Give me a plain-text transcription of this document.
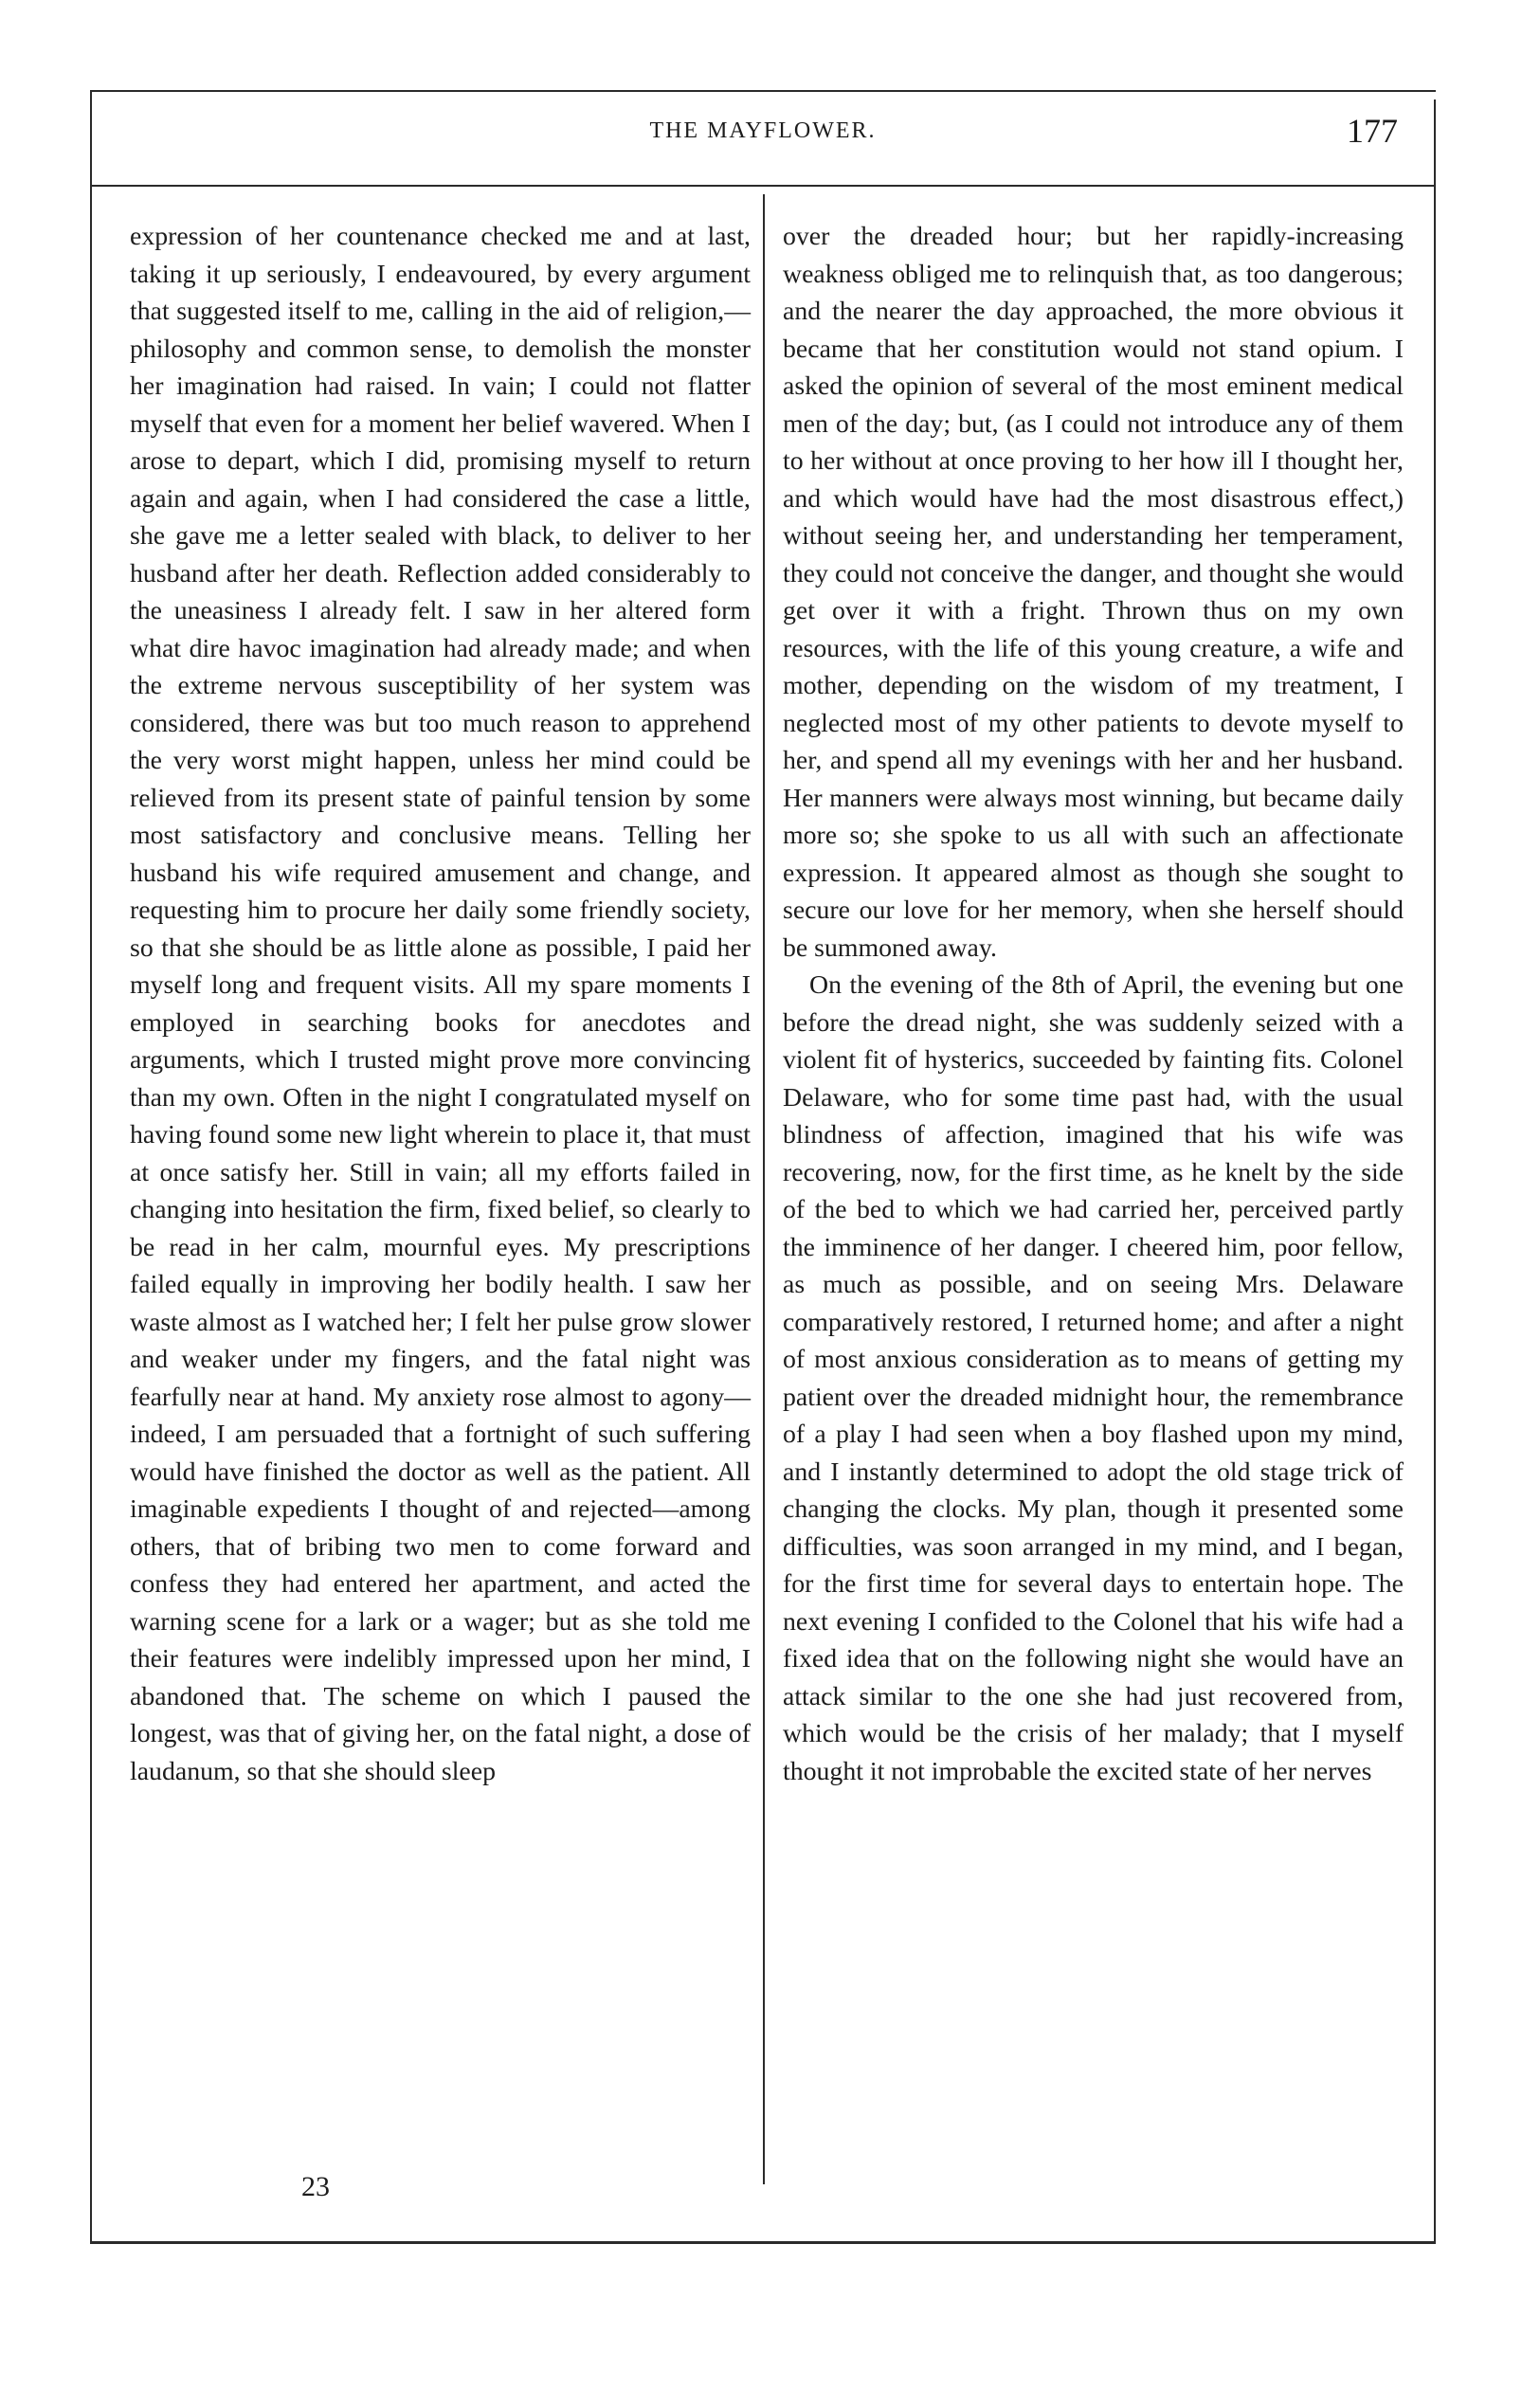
THE MAYFLOWER.	177

expression of her countenance checked me and at last, taking it up seriously, I endeavoured, by every argument that suggested itself to me, calling in the aid of religion,—philosophy and common sense, to demolish the monster her imagination had raised. In vain; I could not flatter myself that even for a moment her belief wavered. When I arose to depart, which I did, promising myself to return again and again, when I had considered the case a little, she gave me a letter sealed with black, to deliver to her husband after her death. Reflection added considerably to the uneasiness I already felt. I saw in her altered form what dire havoc imagination had already made; and when the extreme nervous susceptibility of her system was considered, there was but too much reason to apprehend the very worst might happen, unless her mind could be relieved from its present state of painful tension by some most satisfactory and conclusive means. Telling her husband his wife required amusement and change, and requesting him to procure her daily some friendly society, so that she should be as little alone as possible, I paid her myself long and frequent visits. All my spare moments I employed in searching books for anecdotes and arguments, which I trusted might prove more convincing than my own. Often in the night I congratulated myself on having found some new light wherein to place it, that must at once satisfy her. Still in vain; all my efforts failed in changing into hesitation the firm, fixed belief, so clearly to be read in her calm, mournful eyes. My prescriptions failed equally in improving her bodily health. I saw her waste almost as I watched her; I felt her pulse grow slower and weaker under my fingers, and the fatal night was fearfully near at hand. My anxiety rose almost to agony—indeed, I am persuaded that a fortnight of such suffering would have finished the doctor as well as the patient. All imaginable expedients I thought of and rejected—among others, that of bribing two men to come forward and confess they had entered her apartment, and acted the warning scene for a lark or a wager; but as she told me their features were indelibly impressed upon her mind, I abandoned that. The scheme on which I paused the longest, was that of giving her, on the fatal night, a dose of laudanum, so that she should sleep

over the dreaded hour; but her rapidly-increasing weakness obliged me to relinquish that, as too dangerous; and the nearer the day approached, the more obvious it became that her constitution would not stand opium. I asked the opinion of several of the most eminent medical men of the day; but, (as I could not introduce any of them to her without at once proving to her how ill I thought her, and which would have had the most disastrous effect,) without seeing her, and understanding her temperament, they could not conceive the danger, and thought she would get over it with a fright. Thrown thus on my own resources, with the life of this young creature, a wife and mother, depending on the wisdom of my treatment, I neglected most of my other patients to devote myself to her, and spend all my evenings with her and her husband. Her manners were always most winning, but became daily more so; she spoke to us all with such an affectionate expression. It appeared almost as though she sought to secure our love for her memory, when she herself should be summoned away.

On the evening of the 8th of April, the evening but one before the dread night, she was suddenly seized with a violent fit of hysterics, succeeded by fainting fits. Colonel Delaware, who for some time past had, with the usual blindness of affection, imagined that his wife was recovering, now, for the first time, as he knelt by the side of the bed to which we had carried her, perceived partly the imminence of her danger. I cheered him, poor fellow, as much as possible, and on seeing Mrs. Delaware comparatively restored, I returned home; and after a night of most anxious consideration as to means of getting my patient over the dreaded midnight hour, the remembrance of a play I had seen when a boy flashed upon my mind, and I instantly determined to adopt the old stage trick of changing the clocks. My plan, though it presented some difficulties, was soon arranged in my mind, and I began, for the first time for several days to entertain hope. The next evening I confided to the Colonel that his wife had a fixed idea that on the following night she would have an attack similar to the one she had just recovered from, which would be the crisis of her malady; that I myself thought it not improbable the excited state of her nerves

23
